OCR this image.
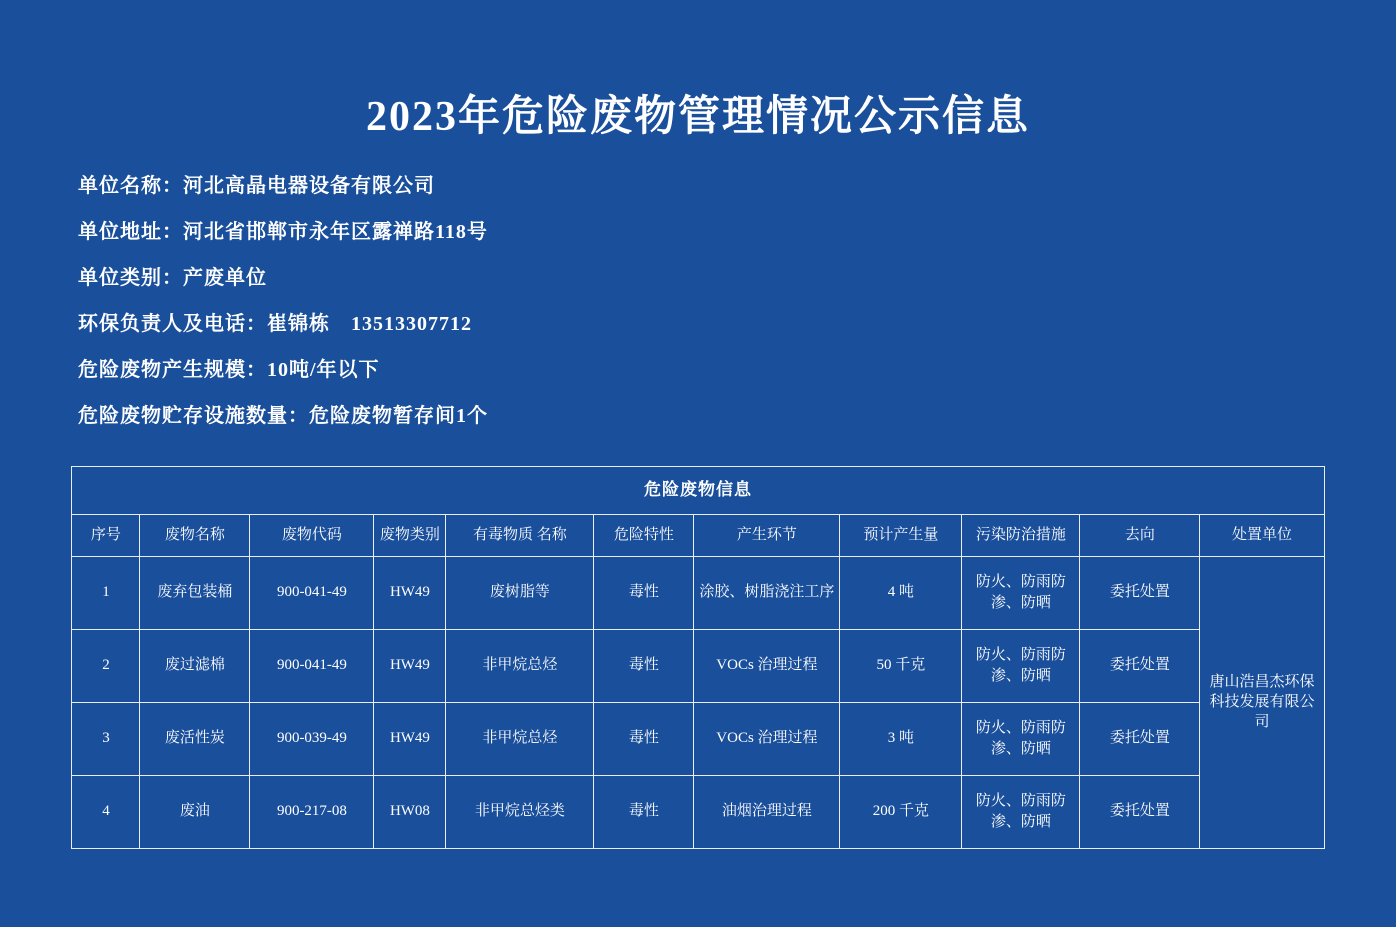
2023年危险废物管理情况公示信息
单位名称：河北高晶电器设备有限公司
单位地址：河北省邯郸市永年区露禅路118号
单位类别：产废单位
环保负责人及电话：崔锦栋　13513307712
危险废物产生规模：10吨/年以下
危险废物贮存设施数量：危险废物暂存间1个
危险废物信息										
序号	废物名称	废物代码	废物类别	有毒物质 名称	危险特性	产生环节	预计产生量	污染防治措施	去向	处置单位
1	废弃包装桶	900-041-49	HW49	废树脂等	毒性	涂胶、树脂浇注工序	4 吨	防火、防雨防渗、防晒	委托处置	唐山浩昌杰环保科技发展有限公司
2	废过滤棉	900-041-49	HW49	非甲烷总烃	毒性	VOCs 治理过程	50 千克	防火、防雨防渗、防晒	委托处置	
3	废活性炭	900-039-49	HW49	非甲烷总烃	毒性	VOCs 治理过程	3 吨	防火、防雨防渗、防晒	委托处置	
4	废油	900-217-08	HW08	非甲烷总烃类	毒性	油烟治理过程	200 千克	防火、防雨防渗、防晒	委托处置	
